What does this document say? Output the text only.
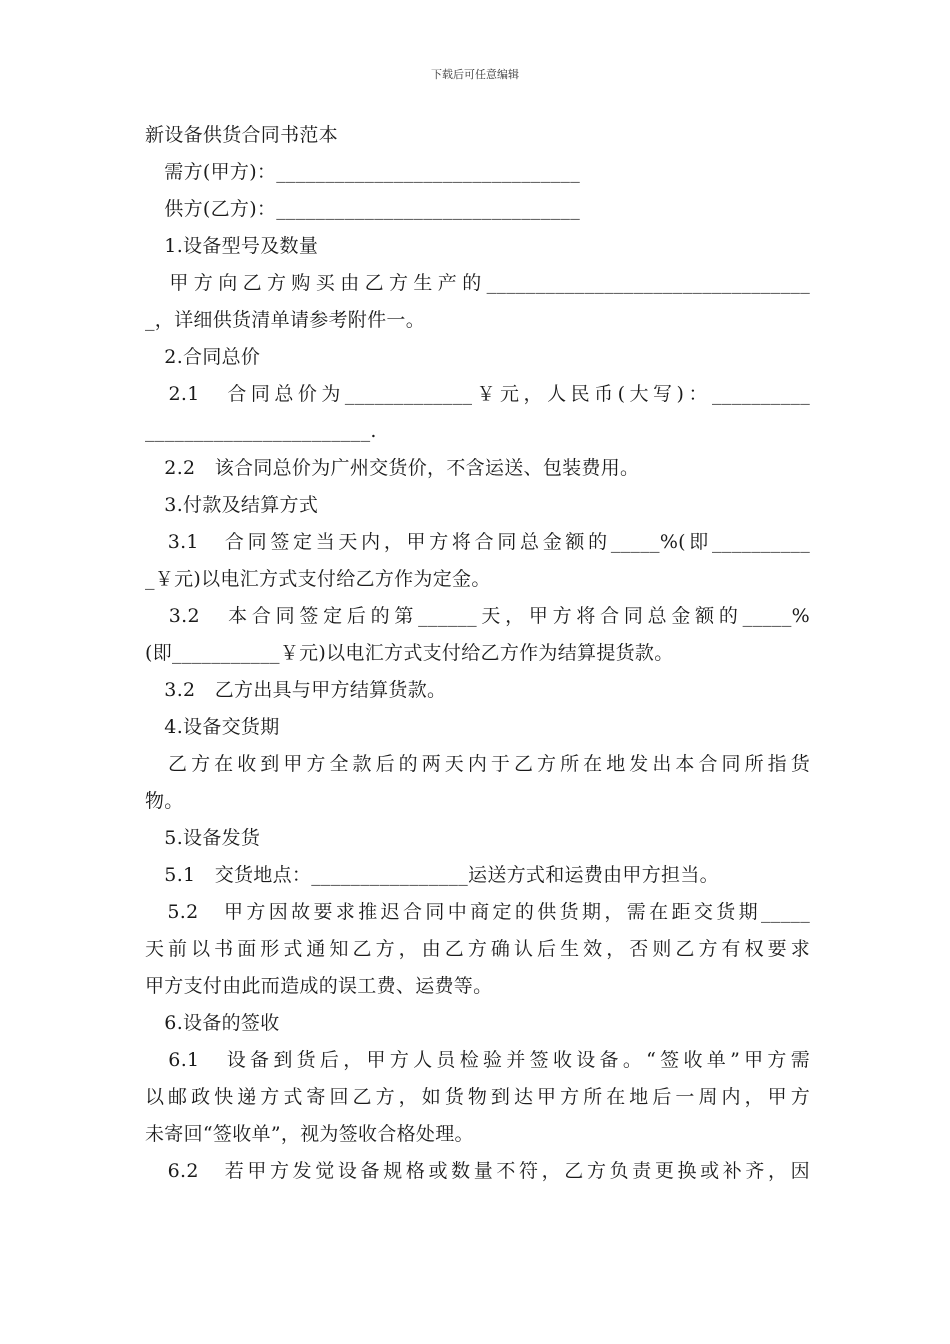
下载后可任意编辑
新设备供货合同书范本
　需方(甲方)：_______________________________
　供方(乙方)：_______________________________
　1.设备型号及数量
　甲方向乙方购买由乙方生产的_________________________________
_，详细供货清单请参考附件一。
　2.合同总价
　2.1　合同总价为_____________￥元，人民币(大写)：__________
_______________________.
　2.2　该合同总价为广州交货价，不含运送、包装费用。
　3.付款及结算方式
　3.1　合同签定当天内，甲方将合同总金额的_____%(即__________
_￥元)以电汇方式支付给乙方作为定金。
　3.2　本合同签定后的第______天，甲方将合同总金额的_____%
(即___________￥元)以电汇方式支付给乙方作为结算提货款。
　3.2　乙方出具与甲方结算货款。
　4.设备交货期
　乙方在收到甲方全款后的两天内于乙方所在地发出本合同所指货
物。
　5.设备发货
　5.1　交货地点：________________运送方式和运费由甲方担当。
　5.2　甲方因故要求推迟合同中商定的供货期，需在距交货期_____
天前以书面形式通知乙方，由乙方确认后生效，否则乙方有权要求
甲方支付由此而造成的误工费、运费等。
　6.设备的签收
　6.1　设备到货后，甲方人员检验并签收设备。“签收单”甲方需
以邮政快递方式寄回乙方，如货物到达甲方所在地后一周内，甲方
未寄回“签收单”，视为签收合格处理。
　6.2　若甲方发觉设备规格或数量不符，乙方负责更换或补齐，因
